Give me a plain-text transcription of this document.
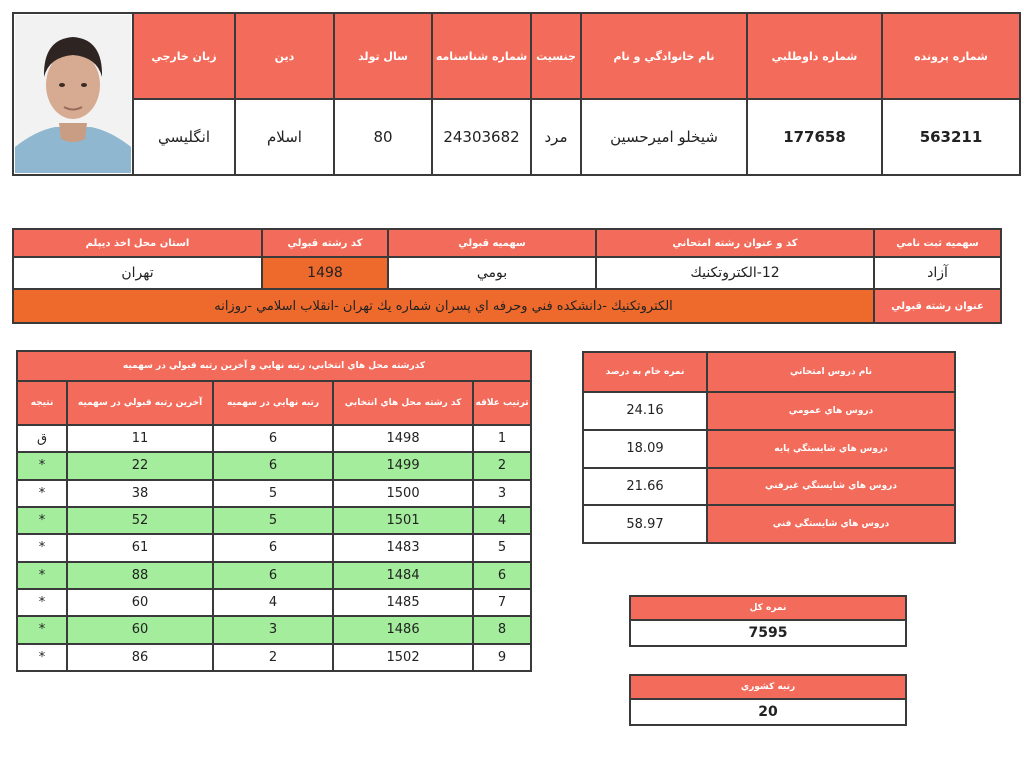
شماره پرونده	شماره داوطلبي	نام خانوادگي و نام	جنسيت	شماره شناسنامه	سال تولد	دين	زبان خارجي	

563211	177658	شيخلو اميرحسين	مرد	24303682	80	اسلام	انگليسي	
سهميه ثبت نامي	كد و عنوان رشته امتحاني	سهميه قبولي	كد رشته قبولي	استان محل اخذ ديپلم
آزاد	12-الكتروتكنيك	بومي	1498	تهران
عنوان رشته قبولي	الكتروتكنيك -دانشكده فني وحرفه اي پسران شماره يك تهران -انقلاب اسلامي -روزانه			
كدرشته محل هاي انتخابي، رتبه نهايي و آخرين رتبه قبولي در سهميه				
ترتيب علاقه	كد رشته محل هاي انتخابي	رتبه نهايي در سهميه	آخرين رتبه قبولي در سهميه	نتيجه
1	1498	6	11	ق
2	1499	6	22	*
3	1500	5	38	*
4	1501	5	52	*
5	1483	6	61	*
6	1484	6	88	*
7	1485	4	60	*
8	1486	3	60	*
9	1502	2	86	*
نام دروس امتحاني	نمره خام به درصد
دروس هاي عمومي	24.16
دروس هاي شايستگي پايه	18.09
دروس هاي شايستگي غيرفني	21.66
دروس هاي شايستگي فني	58.97
نمره كل
7595
رتبه كشوري
20
